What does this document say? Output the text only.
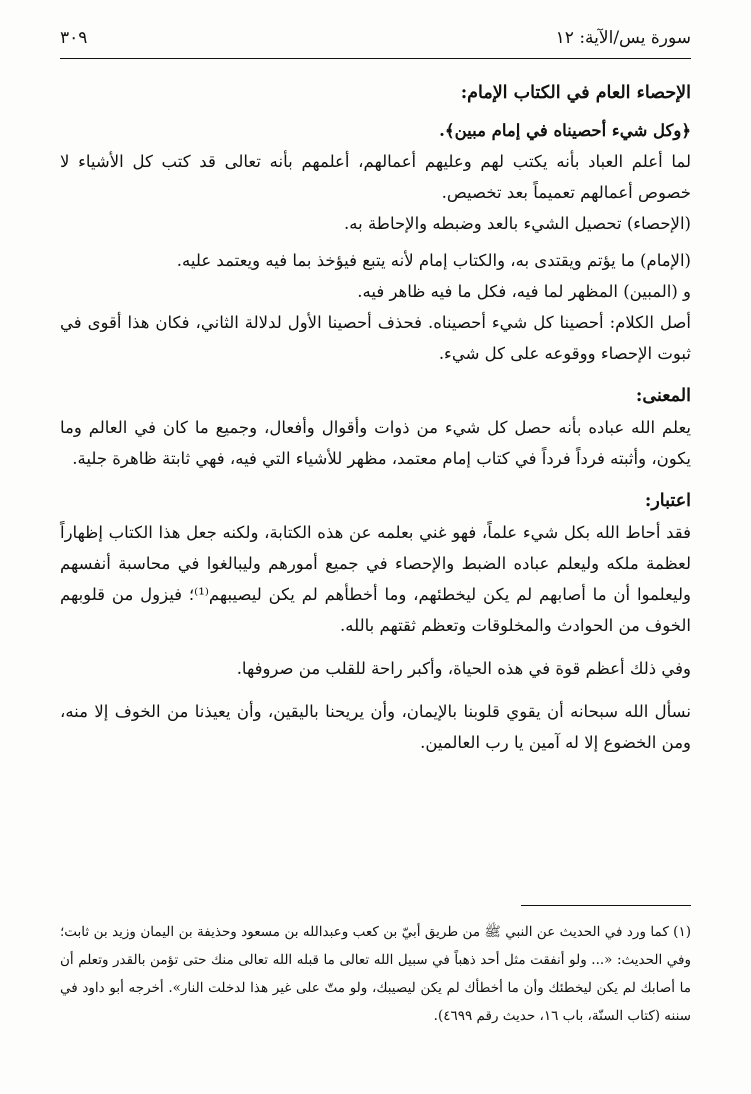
سورة يس/الآية: ١٢
٣٠٩

الإحصاء العام في الكتاب الإمام:

﴿وكل شيء أحصيناه في إمام مبين﴾.

لما أعلم العباد بأنه يكتب لهم وعليهم أعمالهم، أعلمهم بأنه تعالى قد كتب كل الأشياء لا خصوص أعمالهم تعميماً بعد تخصيص.

(الإحصاء) تحصيل الشيء بالعد وضبطه والإحاطة به.

(الإمام) ما يؤتم ويقتدى به، والكتاب إمام لأنه يتبع فيؤخذ بما فيه ويعتمد عليه.

و (المبين) المظهر لما فيه، فكل ما فيه ظاهر فيه.

أصل الكلام: أحصينا كل شيء أحصيناه. فحذف أحصينا الأول لدلالة الثاني، فكان هذا أقوى في ثبوت الإحصاء ووقوعه على كل شيء.

المعنى:

يعلم الله عباده بأنه حصل كل شيء من ذوات وأقوال وأفعال، وجميع ما كان في العالم وما يكون، وأثبته فرداً فرداً في كتاب إمام معتمد، مظهر للأشياء التي فيه، فهي ثابتة ظاهرة جلية.

اعتبار:

فقد أحاط الله بكل شيء علماً، فهو غني بعلمه عن هذه الكتابة، ولكنه جعل هذا الكتاب إظهاراً لعظمة ملكه وليعلم عباده الضبط والإحصاء في جميع أمورهم وليبالغوا في محاسبة أنفسهم وليعلموا أن ما أصابهم لم يكن ليخطئهم، وما أخطأهم لم يكن ليصيبهم⁽¹⁾؛ فيزول من قلوبهم الخوف من الحوادث والمخلوقات وتعظم ثقتهم بالله.

وفي ذلك أعظم قوة في هذه الحياة، وأكبر راحة للقلب من صروفها.

نسأل الله سبحانه أن يقوي قلوبنا بالإيمان، وأن يريحنا باليقين، وأن يعيذنا من الخوف إلا منه، ومن الخضوع إلا له آمين يا رب العالمين.

(١) كما ورد في الحديث عن النبي ﷺ من طريق أبيّ بن كعب وعبدالله بن مسعود وحذيفة بن اليمان وزيد بن ثابت؛ وفي الحديث: «... ولو أنفقت مثل أحد ذهباً في سبيل الله تعالى ما قبله الله تعالى منك حتى تؤمن بالقدر وتعلم أن ما أصابك لم يكن ليخطئك وأن ما أخطأك لم يكن ليصيبك، ولو متّ على غير هذا لدخلت النار». أخرجه أبو داود في سننه (كتاب السنّة، باب ١٦، حديث رقم ٤٦٩٩).
